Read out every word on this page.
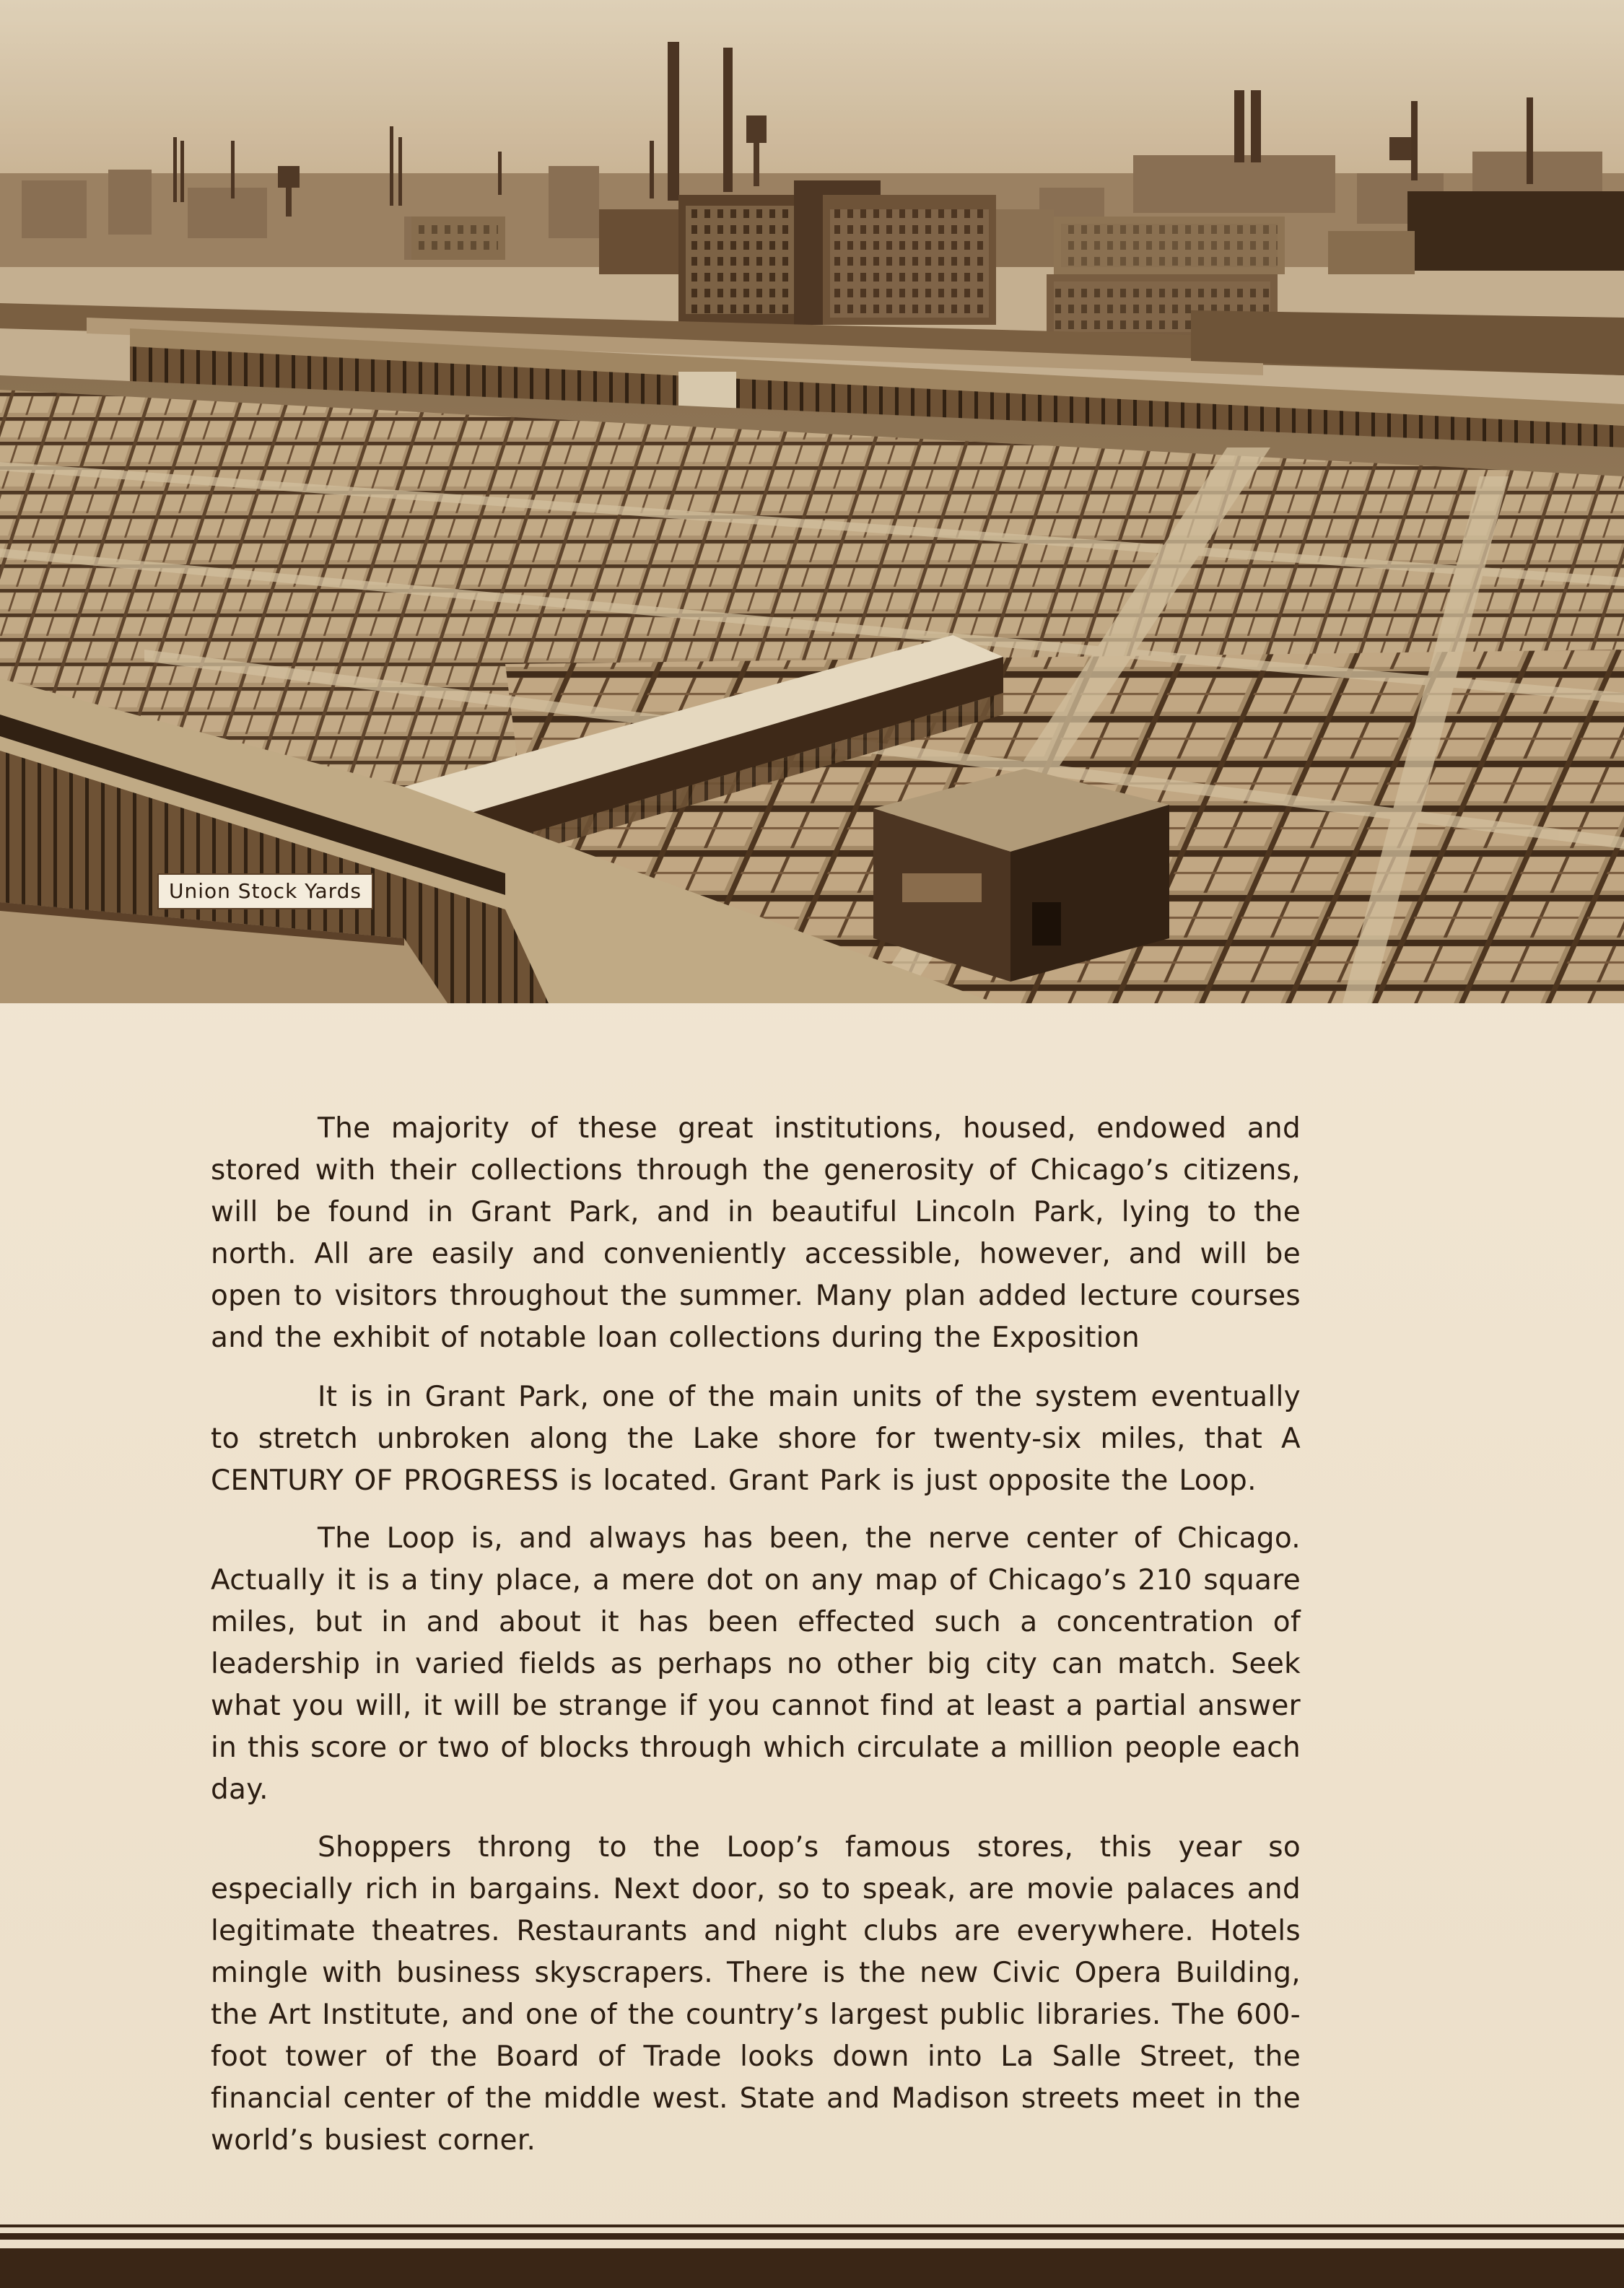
Union Stock Yards

The majority of these great institutions, housed, endowed and stored with their collections through the generosity of Chicago’s citizens, will be found in Grant Park, and in beautiful Lincoln Park, lying to the north. All are easily and conveniently accessible, however, and will be open to visitors throughout the summer. Many plan added lecture courses and the exhibit of notable loan collections during the Exposition

It is in Grant Park, one of the main units of the system eventually to stretch unbroken along the Lake shore for twenty-six miles, that A CENTURY OF PROGRESS is located. Grant Park is just opposite the Loop.

The Loop is, and always has been, the nerve center of Chicago. Actually it is a tiny place, a mere dot on any map of Chicago’s 210 square miles, but in and about it has been effected such a concentration of leadership in varied fields as perhaps no other big city can match. Seek what you will, it will be strange if you cannot find at least a partial answer in this score or two of blocks through which circulate a million people each day.

Shoppers throng to the Loop’s famous stores, this year so especially rich in bargains. Next door, so to speak, are movie palaces and legitimate theatres. Restaurants and night clubs are everywhere. Hotels mingle with business skyscrapers. There is the new Civic Opera Building, the Art Institute, and one of the country’s largest public libraries. The 600-foot tower of the Board of Trade looks down into La Salle Street, the financial center of the middle west. State and Madison streets meet in the world’s busiest corner.
